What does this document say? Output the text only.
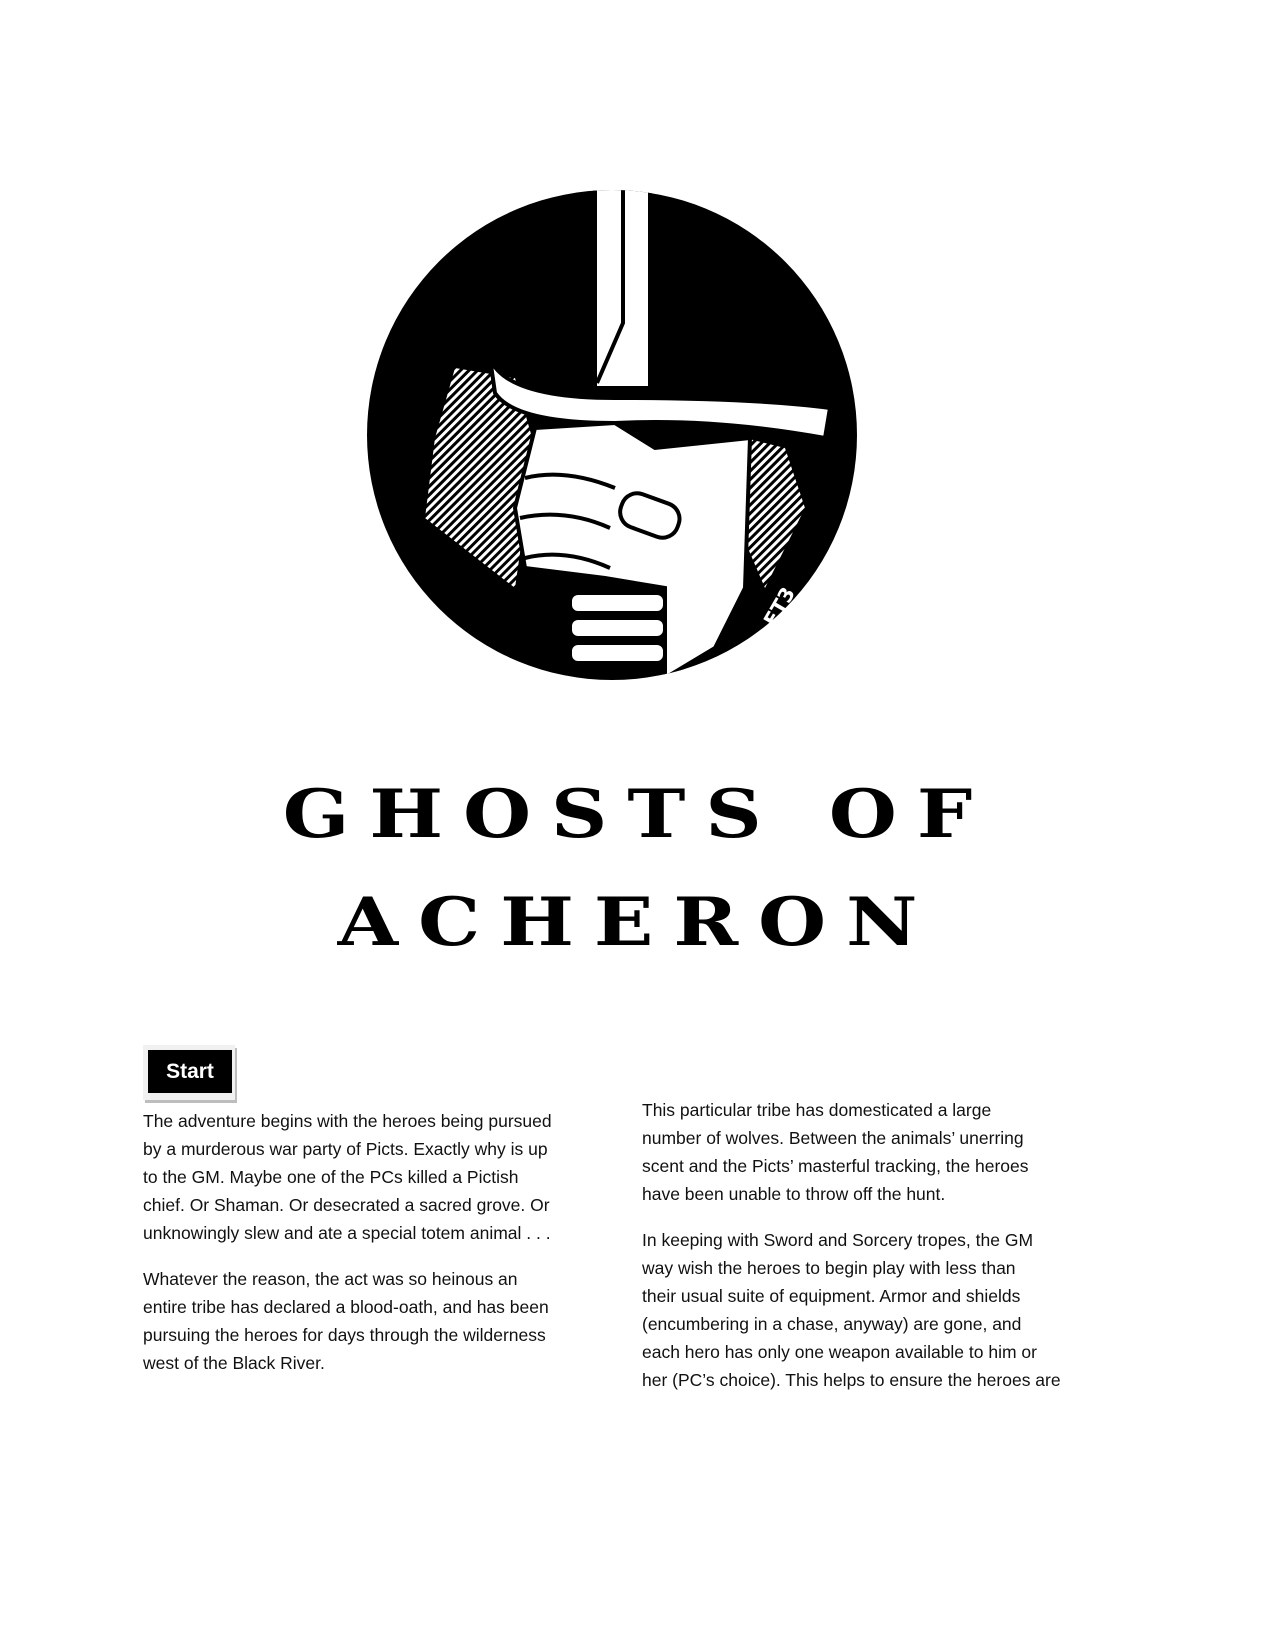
FT3
GHOSTS OF
ACHERON
Start

The adventure begins with the heroes being pursued
by a murderous war party of Picts. Exactly why is up
to the GM. Maybe one of the PCs killed a Pictish
chief. Or Shaman. Or desecrated a sacred grove. Or
unknowingly slew and ate a special totem animal . . .

Whatever the reason, the act was so heinous an
entire tribe has declared a blood-oath, and has been
pursuing the heroes for days through the wilderness
west of the Black River.

This particular tribe has domesticated a large
number of wolves. Between the animals’ unerring
scent and the Picts’ masterful tracking, the heroes
have been unable to throw off the hunt.

In keeping with Sword and Sorcery tropes, the GM
way wish the heroes to begin play with less than
their usual suite of equipment. Armor and shields
(encumbering in a chase, anyway) are gone, and
each hero has only one weapon available to him or
her (PC’s choice). This helps to ensure the heroes are
